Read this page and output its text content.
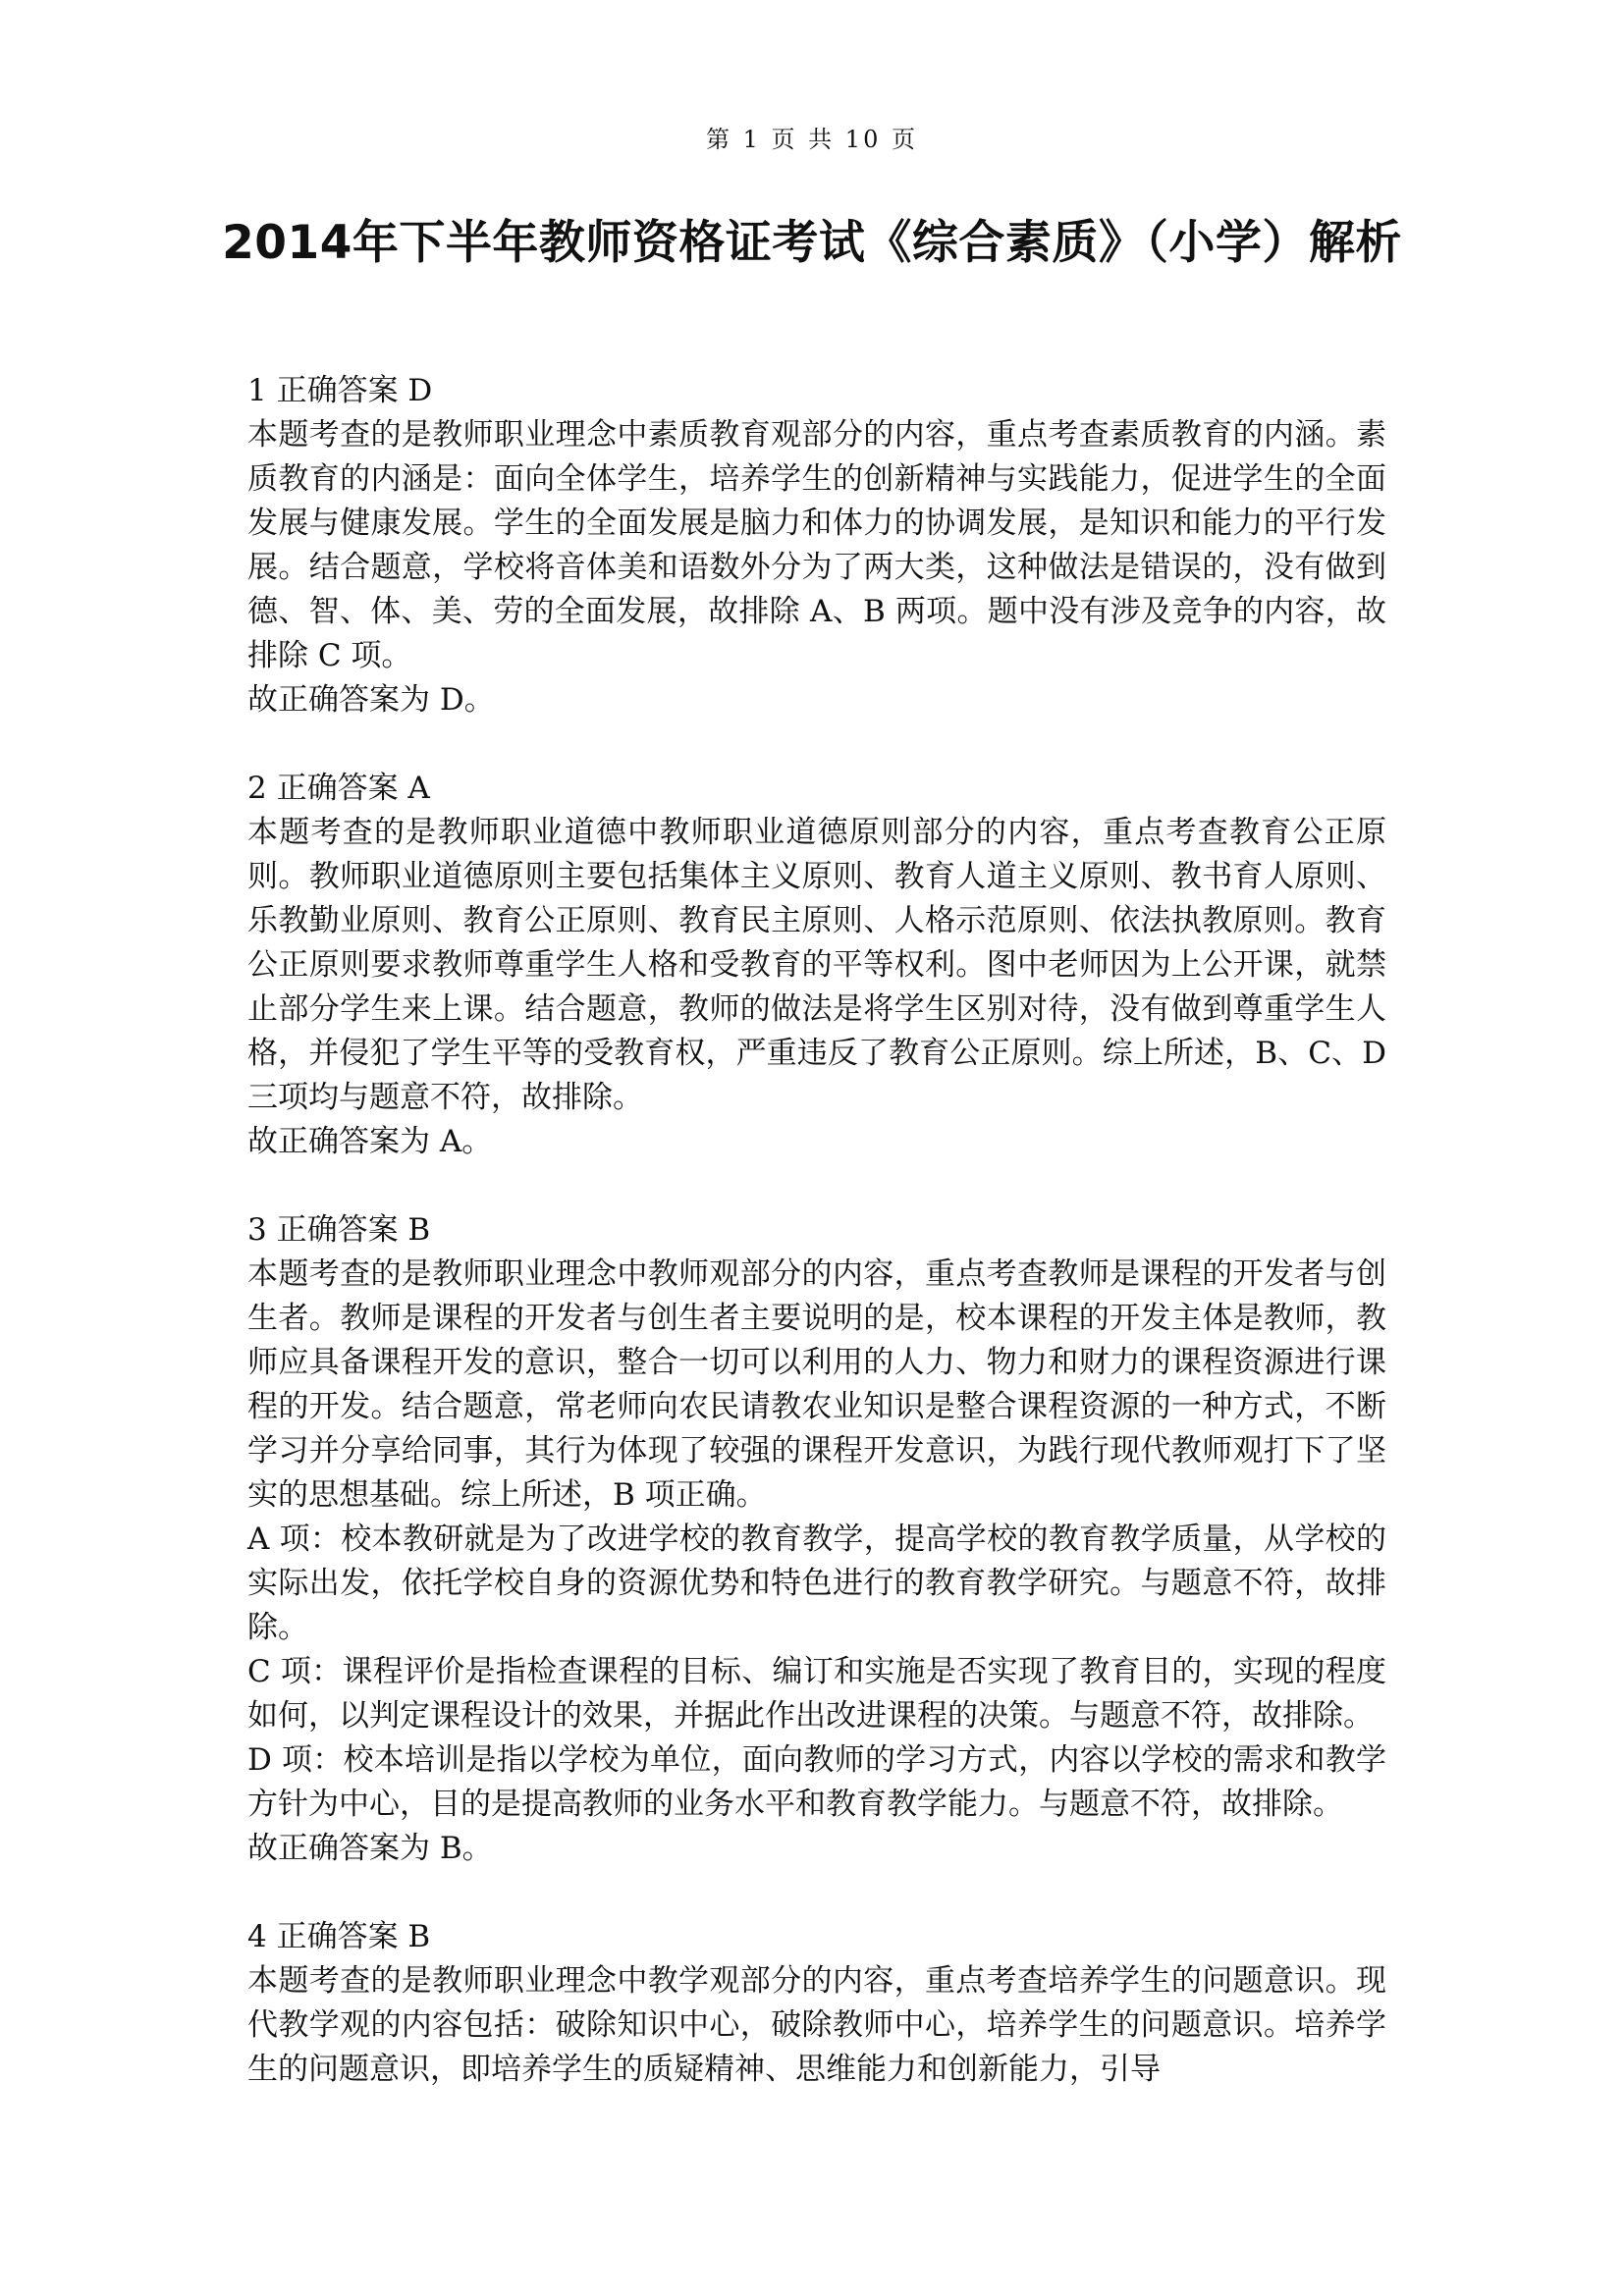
第 1 页 共 10 页
2014年下半年教师资格证考试《综合素质》（小学）解析
1 正确答案 D

本题考查的是教师职业理念中素质教育观部分的内容，重点考查素质教育的内涵。素质教育的内涵是：面向全体学生，培养学生的创新精神与实践能力，促进学生的全面发展与健康发展。学生的全面发展是脑力和体力的协调发展，是知识和能力的平行发展。结合题意，学校将音体美和语数外分为了两大类，这种做法是错误的，没有做到德、智、体、美、劳的全面发展，故排除 A、B 两项。题中没有涉及竞争的内容，故排除 C 项。

故正确答案为 D。

2 正确答案 A

本题考查的是教师职业道德中教师职业道德原则部分的内容，重点考查教育公正原则。教师职业道德原则主要包括集体主义原则、教育人道主义原则、教书育人原则、乐教勤业原则、教育公正原则、教育民主原则、人格示范原则、依法执教原则。教育公正原则要求教师尊重学生人格和受教育的平等权利。图中老师因为上公开课，就禁止部分学生来上课。结合题意，教师的做法是将学生区别对待，没有做到尊重学生人格，并侵犯了学生平等的受教育权，严重违反了教育公正原则。综上所述，B、C、D 三项均与题意不符，故排除。

故正确答案为 A。

3 正确答案 B

本题考查的是教师职业理念中教师观部分的内容，重点考查教师是课程的开发者与创生者。教师是课程的开发者与创生者主要说明的是，校本课程的开发主体是教师，教师应具备课程开发的意识，整合一切可以利用的人力、物力和财力的课程资源进行课程的开发。结合题意，常老师向农民请教农业知识是整合课程资源的一种方式，不断学习并分享给同事，其行为体现了较强的课程开发意识，为践行现代教师观打下了坚实的思想基础。综上所述，B 项正确。

A 项：校本教研就是为了改进学校的教育教学，提高学校的教育教学质量，从学校的实际出发，依托学校自身的资源优势和特色进行的教育教学研究。与题意不符，故排除。

C 项：课程评价是指检查课程的目标、编订和实施是否实现了教育目的，实现的程度如何，以判定课程设计的效果，并据此作出改进课程的决策。与题意不符，故排除。

D 项：校本培训是指以学校为单位，面向教师的学习方式，内容以学校的需求和教学方针为中心，目的是提高教师的业务水平和教育教学能力。与题意不符，故排除。

故正确答案为 B。

4 正确答案 B

本题考查的是教师职业理念中教学观部分的内容，重点考查培养学生的问题意识。现代教学观的内容包括：破除知识中心，破除教师中心，培养学生的问题意识。培养学生的问题意识，即培养学生的质疑精神、思维能力和创新能力，引导
